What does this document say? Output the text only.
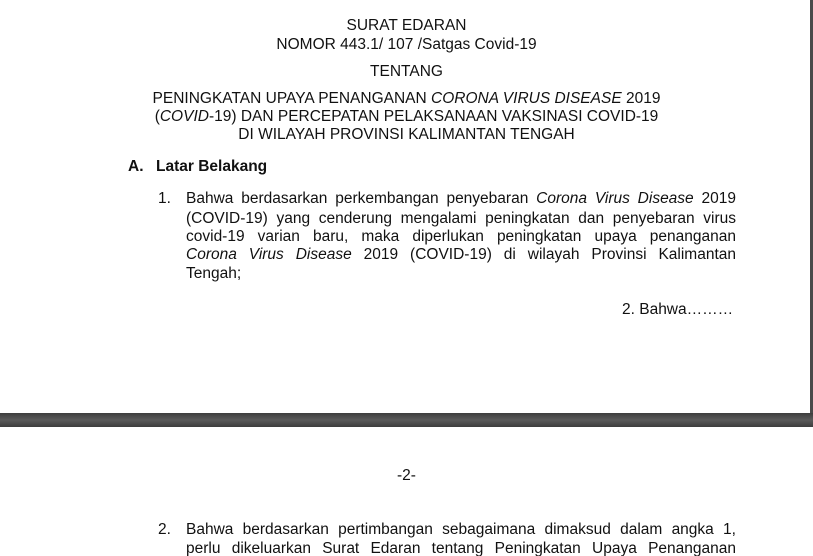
SURAT EDARAN
NOMOR 443.1/ 107 /Satgas Covid-19
TENTANG
PENINGKATAN UPAYA PENANGANAN CORONA VIRUS DISEASE 2019
(COVID-19) DAN PERCEPATAN PELAKSANAAN VAKSINASI COVID-19
DI WILAYAH PROVINSI KALIMANTAN TENGAH
A. Latar Belakang
1. Bahwa berdasarkan perkembangan penyebaran Corona Virus Disease 2019
(COVID-19) yang cenderung mengalami peningkatan dan penyebaran virus
covid-19 varian baru, maka diperlukan peningkatan upaya penanganan
Corona Virus Disease 2019 (COVID-19) di wilayah Provinsi Kalimantan
Tengah;
2. Bahwa………
-2-
2. Bahwa berdasarkan pertimbangan sebagaimana dimaksud dalam angka 1,
perlu dikeluarkan Surat Edaran tentang Peningkatan Upaya Penanganan
